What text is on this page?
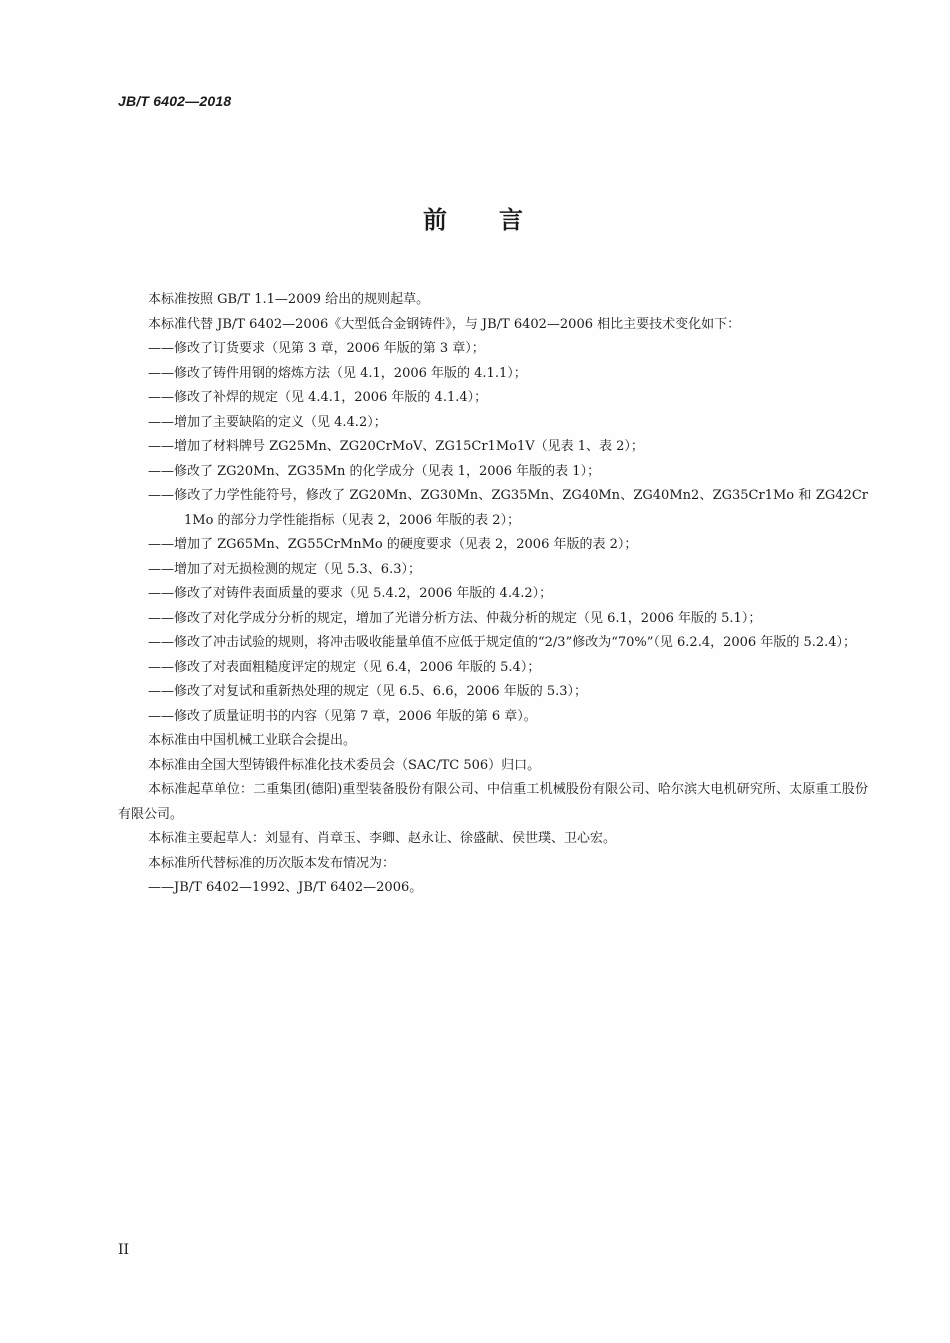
JB/T 6402—2018
前言

本标准按照 GB/T 1.1—2009 给出的规则起草。

本标准代替 JB/T 6402—2006《大型低合金钢铸件》，与 JB/T 6402—2006 相比主要技术变化如下：

——修改了订货要求（见第 3 章，2006 年版的第 3 章）；

——修改了铸件用钢的熔炼方法（见 4.1，2006 年版的 4.1.1）；

——修改了补焊的规定（见 4.4.1，2006 年版的 4.1.4）；

——增加了主要缺陷的定义（见 4.4.2）；

——增加了材料牌号 ZG25Mn、ZG20CrMoV、ZG15Cr1Mo1V（见表 1、表 2）；

——修改了 ZG20Mn、ZG35Mn 的化学成分（见表 1，2006 年版的表 1）；

——修改了力学性能符号，修改了 ZG20Mn、ZG30Mn、ZG35Mn、ZG40Mn、ZG40Mn2、ZG35Cr1Mo 和 ZG42Cr1Mo 的部分力学性能指标（见表 2，2006 年版的表 2）；

——增加了 ZG65Mn、ZG55CrMnMo 的硬度要求（见表 2，2006 年版的表 2）；

——增加了对无损检测的规定（见 5.3、6.3）；

——修改了对铸件表面质量的要求（见 5.4.2，2006 年版的 4.4.2）；

——修改了对化学成分分析的规定，增加了光谱分析方法、仲裁分析的规定（见 6.1，2006 年版的 5.1）；

——修改了冲击试验的规则，将冲击吸收能量单值不应低于规定值的“2/3”修改为“70%”（见 6.2.4，2006 年版的 5.2.4）；

——修改了对表面粗糙度评定的规定（见 6.4，2006 年版的 5.4）；

——修改了对复试和重新热处理的规定（见 6.5、6.6，2006 年版的 5.3）；

——修改了质量证明书的内容（见第 7 章，2006 年版的第 6 章）。

本标准由中国机械工业联合会提出。

本标准由全国大型铸锻件标准化技术委员会（SAC/TC 506）归口。

本标准起草单位：二重集团(德阳)重型装备股份有限公司、中信重工机械股份有限公司、哈尔滨大电机研究所、太原重工股份有限公司。

本标准主要起草人：刘显有、肖章玉、李卿、赵永让、徐盛献、侯世璞、卫心宏。

本标准所代替标准的历次版本发布情况为：

——JB/T 6402—1992、JB/T 6402—2006。

II
